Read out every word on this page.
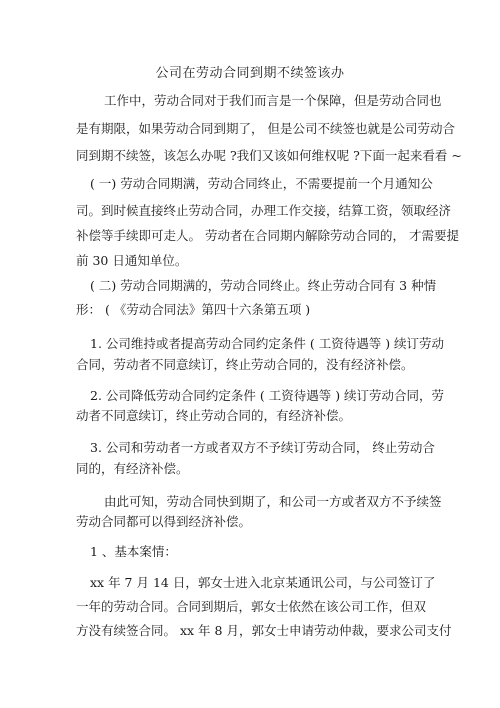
公司在劳动合同到期不续签该办
工作中，劳动合同对于我们而言是一个保障，但是劳动合同也
是有期限，如果劳动合同到期了， 但是公司不续签也就是公司劳动合
同到期不续签，该怎么办呢 ?我们又该如何维权呢 ?下面一起来看看 ~
( 一) 劳动合同期满，劳动合同终止，不需要提前一个月通知公
司。到时候直接终止劳动合同，办理工作交接，结算工资，领取经济
补偿等手续即可走人。 劳动者在合同期内解除劳动合同的， 才需要提
前 30 日通知单位。
( 二) 劳动合同期满的，劳动合同终止。终止劳动合同有 3 种情
形： ( 《劳动合同法》第四十六条第五项 )
1. 公司维持或者提高劳动合同约定条件 ( 工资待遇等 ) 续订劳动
合同，劳动者不同意续订，终止劳动合同的，没有经济补偿。
2. 公司降低劳动合同约定条件 ( 工资待遇等 ) 续订劳动合同，劳
动者不同意续订，终止劳动合同的，有经济补偿。
3. 公司和劳动者一方或者双方不予续订劳动合同， 终止劳动合
同的，有经济补偿。
由此可知，劳动合同快到期了，和公司一方或者双方不予续签
劳动合同都可以得到经济补偿。
1 、基本案情：
xx 年 7 月 14 日，郭女士进入北京某通讯公司，与公司签订了
一年的劳动合同。合同到期后，郭女士依然在该公司工作，但双
方没有续签合同。 xx 年 8 月，郭女士申请劳动仲裁，要求公司支付
